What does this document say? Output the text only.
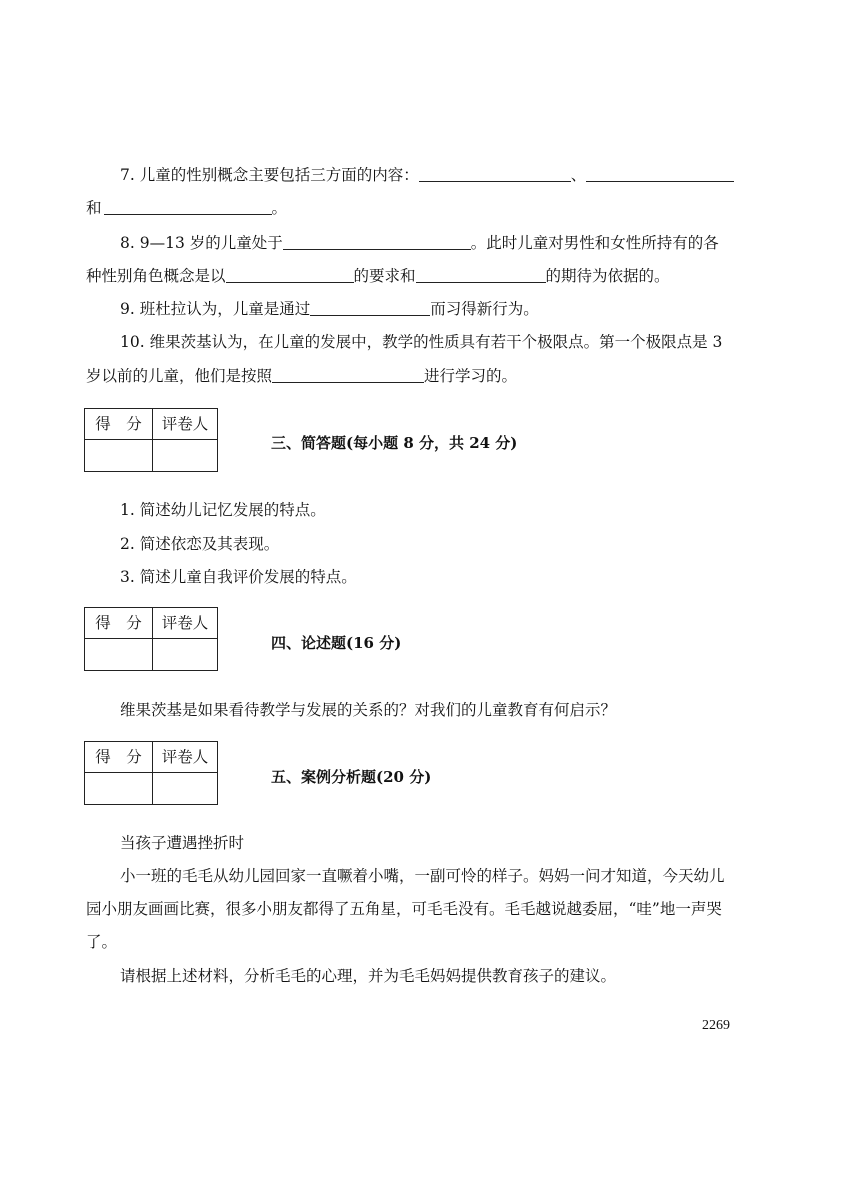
7. 儿童的性别概念主要包括三方面的内容：	、
和	。
8. 9—13 岁的儿童处于	。此时儿童对男性和女性所持有的各
种性别角色概念是以	的要求和	的期待为依据的。
9. 班杜拉认为，儿童是通过	而习得新行为。
10. 维果茨基认为，在儿童的发展中，教学的性质具有若干个极限点。第一个极限点是 3
岁以前的儿童，他们是按照	进行学习的。
得　分	评卷人
三、简答题(每小题 8 分，共 24 分)
1. 简述幼儿记忆发展的特点。
2. 简述依恋及其表现。
3. 简述儿童自我评价发展的特点。
得　分	评卷人
四、论述题(16 分)
维果茨基是如果看待教学与发展的关系的？对我们的儿童教育有何启示？
得　分	评卷人
五、案例分析题(20 分)
当孩子遭遇挫折时
小一班的毛毛从幼儿园回家一直噘着小嘴，一副可怜的样子。妈妈一问才知道，今天幼儿
园小朋友画画比赛，很多小朋友都得了五角星，可毛毛没有。毛毛越说越委屈，“哇”地一声哭
了。
请根据上述材料，分析毛毛的心理，并为毛毛妈妈提供教育孩子的建议。
2269
